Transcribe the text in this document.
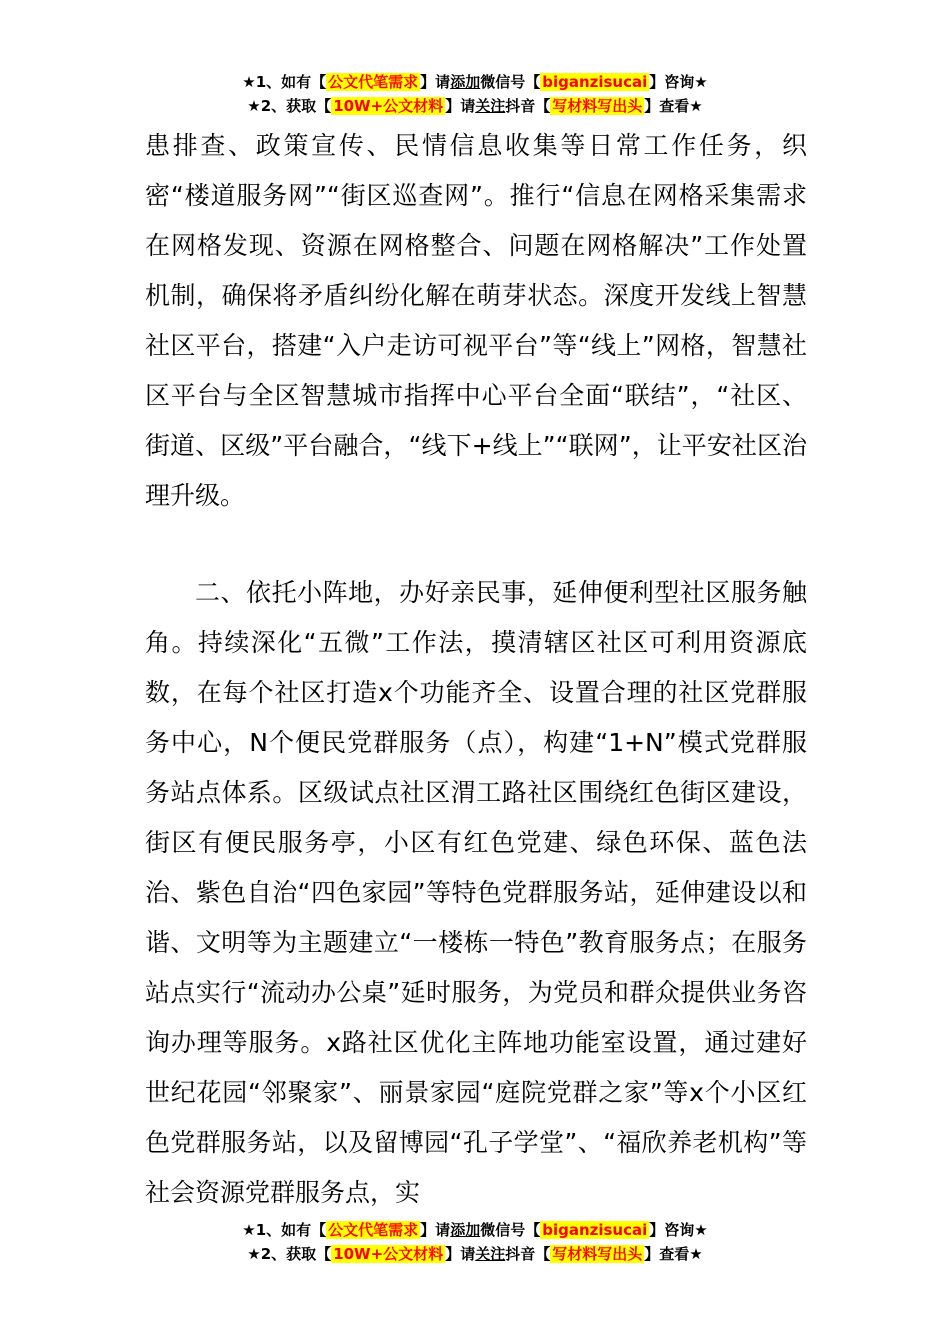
★1、如有【 公文代笔需求 】请添加微信号【 biganzisucai 】咨询★
★2、获取【 10W+公文材料 】请关注抖音【 写材料写出头 】查看★

患排查、政策宣传、民情信息收集等日常工作任务，织密“楼道服务网”“街区巡查网”。推行“信息在网格采集需求在网格发现、资源在网格整合、问题在网格解决”工作处置机制，确保将矛盾纠纷化解在萌芽状态。深度开发线上智慧社区平台，搭建“入户走访可视平台”等“线上”网格，智慧社区平台与全区智慧城市指挥中心平台全面“联结”，“社区、街道、区级”平台融合，“线下+线上”“联网”，让平安社区治理升级。

二、依托小阵地，办好亲民事，延伸便利型社区服务触角。持续深化“五微”工作法，摸清辖区社区可利用资源底数，在每个社区打造x个功能齐全、设置合理的社区党群服务中心，N个便民党群服务（点），构建“1+N”模式党群服务站点体系。区级试点社区渭工路社区围绕红色街区建设，街区有便民服务亭，小区有红色党建、绿色环保、蓝色法治、紫色自治“四色家园”等特色党群服务站，延伸建设以和谐、文明等为主题建立“一楼栋一特色”教育服务点；在服务站点实行“流动办公桌”延时服务，为党员和群众提供业务咨询办理等服务。x路社区优化主阵地功能室设置，通过建好世纪花园“邻聚家”、丽景家园“庭院党群之家”等x个小区红色党群服务站，以及留博园“孔子学堂”、“福欣养老机构”等社会资源党群服务点，实

★1、如有【 公文代笔需求 】请添加微信号【 biganzisucai 】咨询★
★2、获取【 10W+公文材料 】请关注抖音【 写材料写出头 】查看★
